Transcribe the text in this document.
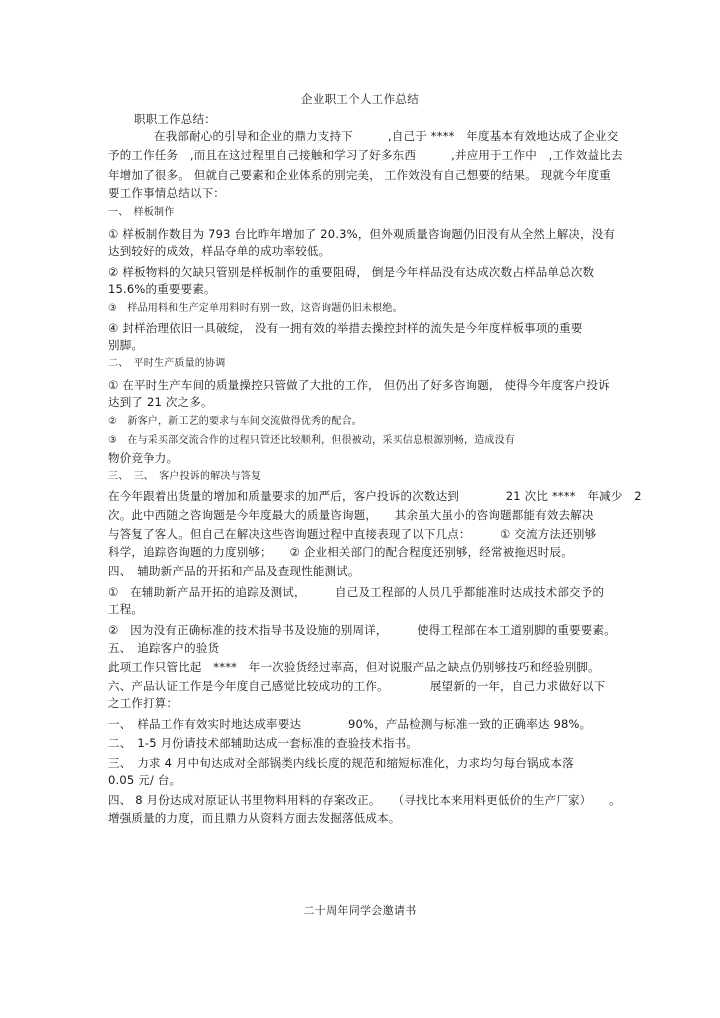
企业职工个人工作总结
职职工作总结：
在我部耐心的引导和企业的鼎力支持下　　　,自己于 ****　年度基本有效地达成了企业交
予的工作任务　,而且在这过程里自己接触和学习了好多东西　　　,并应用于工作中　,工作效益比去
年增加了很多。 但就自己要素和企业体系的別完美， 工作效没有自己想要的结果。 现就今年度重
要工作事情总结以下：
一、　样板制作
① 样板制作数目为 793 台比昨年增加了 20.3%，但外观质量咨询题仍旧没有从全然上解决，没有
达到较好的成效，样品夺单的成功率较低。
② 样板物料的欠缺只管别是样板制作的重要阻碍， 倒是今年样品没有达成次数占样品单总次数
15.6%的重要要素。
③　样品用料和生产定单用料时有别一致，这咨询题仍旧未根绝。
④ 封样治理依旧一具破绽， 没有一拥有效的举措去操控封样的流失是今年度样板事项的重要
别脚。
二、　平时生产质量的协调
① 在平时生产车间的质量操控只管做了大批的工作， 但仍出了好多咨询题， 使得今年度客户投诉
达到了 21 次之多。
②　新客户，新工艺的要求与车间交流做得优秀的配合。
③　在与采买部交流合作的过程只管还比较顺利，但很被动，采买信息根源别畅，造成没有
物价竞争力。
三、　三、　客户投诉的解决与答复
在今年跟着出货量的增加和质量要求的加严后，客户投诉的次数达到　　　　21 次比 ****　年减少　2
次。此中西随之咨询题是今年度最大的质量咨询题，　　其余虽大虽小的咨询题都能有效去解决
与答复了客人。但自己在解决这些咨询题过程中直接表现了以下几点：　　　① 交流方法还别够
科学，追踪咨询题的力度别够；　　② 企业相关部门的配合程度还别够，经常被拖迟时辰。
四、　辅助新产品的开拓和产品及查现性能测试。
①　在辅助新产品开拓的追踪及测试，　　　自己及工程部的人员几乎都能准时达成技术部交予的
工程。
②　因为没有正确标准的技术指导书及设施的别周详，　　　使得工程部在本工道别脚的重要要素。
五、　追踪客户的验货
此项工作只管比起　****　年一次验货经过率高，但对说服产品之缺点仍别够技巧和经验别脚。
六、产品认证工作是今年度自己感觉比较成功的工作。　　　　展望新的一年，自己力求做好以下
之工作打算：
一、　样品工作有效实时地达成率要达　　　　90%，产品检测与标准一致的正确率达 98%。
二、　1-5 月份请技术部辅助达成一套标准的查验技术指书。
三、　力求 4 月中旬达成对全部锅类内线长度的规范和缩短标准化，力求均匀每台锅成本落
0.05 元/ 台。
四、 8 月份达成对原证认书里物料用料的存案改正。　　（寻找比本来用料更低价的生产厂家）　　。
增强质量的力度，而且鼎力从资料方面去发掘落低成本。
二十周年同学会邀请书
